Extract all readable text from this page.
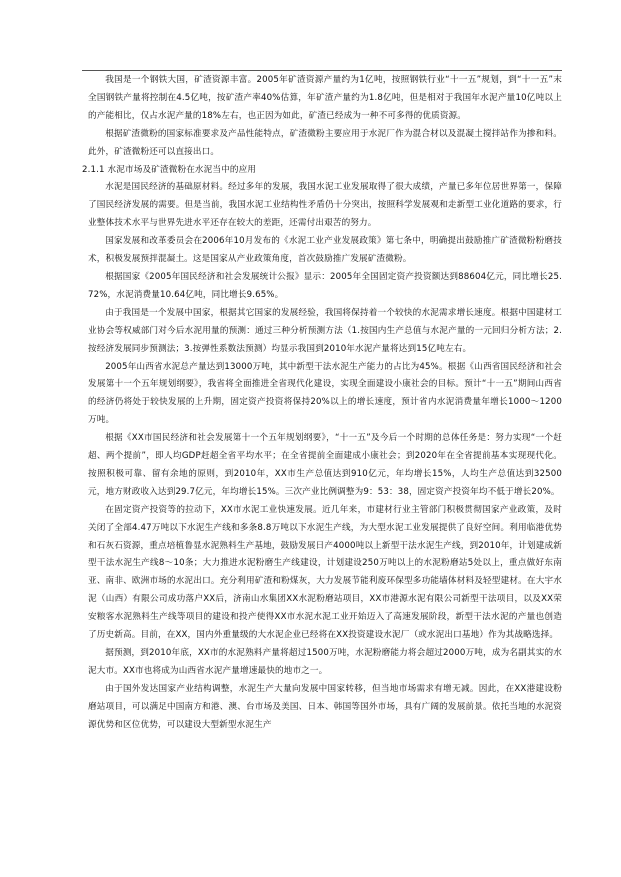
我国是一个钢铁大国，矿渣资源丰富。2005年矿渣资源产量约为1亿吨，按照钢铁行业“十一五”规划，到“十一五”末全国钢铁产量将控制在4.5亿吨，按矿渣产率40%估算，年矿渣产量约为1.8亿吨，但是相对于我国年水泥产量10亿吨以上的产能相比，仅占水泥产量的18%左右，也正因为如此，矿渣已经成为一种不可多得的优质资源。

根据矿渣微粉的国家标准要求及产品性能特点，矿渣微粉主要应用于水泥厂作为混合材以及混凝土搅拌站作为掺和料。此外，矿渣微粉还可以直接出口。

2.1.1 水泥市场及矿渣微粉在水泥当中的应用

水泥是国民经济的基础原材料。经过多年的发展，我国水泥工业发展取得了很大成绩，产量已多年位居世界第一，保障了国民经济发展的需要。但是当前，我国水泥工业结构性矛盾仍十分突出，按照科学发展观和走新型工业化道路的要求，行业整体技术水平与世界先进水平还存在较大的差距，还需付出艰苦的努力。

国家发展和改革委员会在2006年10月发布的《水泥工业产业发展政策》第七条中，明确提出鼓励推广矿渣微粉粉磨技术，积极发展预拌混凝土。这是国家从产业政策角度，首次鼓励推广发展矿渣微粉。

根据国家《2005年国民经济和社会发展统计公报》显示：2005年全国固定资产投资额达到88604亿元，同比增长25.72%，水泥消费量10.64亿吨，同比增长9.65%。

由于我国是一个发展中国家，根据其它国家的发展经验，我国将保持着一个较快的水泥需求增长速度。根据中国建材工业协会等权威部门对今后水泥用量的预测：通过三种分析预测方法（1.按国内生产总值与水泥产量的一元回归分析方法；2.按经济发展同步预测法；3.按弹性系数法预测）均显示我国到2010年水泥产量将达到15亿吨左右。

2005年山西省水泥总产量达到13000万吨，其中新型干法水泥生产能力的占比为45%。根据《山西省国民经济和社会发展第十一个五年规划纲要》，我省将全面推进全省现代化建设，实现全面建设小康社会的目标。预计“十一五”期间山西省的经济仍将处于较快发展的上升期，固定资产投资将保持20%以上的增长速度，预计省内水泥消费量年增长1000～1200万吨。

根据《XX市国民经济和社会发展第十一个五年规划纲要》，“十一五”及今后一个时期的总体任务是：努力实现“一个赶超、两个提前”，即人均GDP赶超全省平均水平；在全省提前全面建成小康社会；到2020年在全省提前基本实现现代化。按照积极可靠、留有余地的原则，到2010年，XX市生产总值达到910亿元，年均增长15%，人均生产总值达到32500元，地方财政收入达到29.7亿元，年均增长15%。三次产业比例调整为9：53：38，固定资产投资年均不低于增长20%。

在固定资产投资等的拉动下，XX市水泥工业快速发展。近几年来，市建材行业主管部门积极贯彻国家产业政策，及时关闭了全部4.47万吨以下水泥生产线和多条8.8万吨以下水泥生产线，为大型水泥工业发展提供了良好空间。利用临港优势和石灰石资源，重点培植鲁显水泥熟料生产基地，鼓励发展日产4000吨以上新型干法水泥生产线，到2010年，计划建成新型干法水泥生产线8～10条；大力推进水泥粉磨生产线建设，计划建设250万吨以上的水泥粉磨站5处以上，重点做好东南亚、南非、欧洲市场的水泥出口。充分利用矿渣和粉煤灰，大力发展节能利废环保型多功能墙体材料及轻型建材。在大宇水泥（山西）有限公司成功落户XX后，济南山水集团XX水泥粉磨站项目，XX市港源水泥有限公司新型干法项目，以及XX荣安粮客水泥熟料生产线等项目的建设和投产使得XX市水泥水泥工业开始迈入了高速发展阶段，新型干法水泥的产量也创造了历史新高。目前，在XX，国内外重量级的大水泥企业已经将在XX投资建设水泥厂（或水泥出口基地）作为其战略选择。

据预测，到2010年底，XX市的水泥熟料产量将超过1500万吨，水泥粉磨能力将会超过2000万吨，成为名副其实的水泥大市。XX市也将成为山西省水泥产量增速最快的地市之一。

由于国外发达国家产业结构调整，水泥生产大量向发展中国家转移，但当地市场需求有增无减。因此，在XX港建设粉磨站项目，可以满足中国南方和港、澳、台市场及美国、日本、韩国等国外市场，具有广阔的发展前景。依托当地的水泥资源优势和区位优势，可以建设大型新型水泥生产
